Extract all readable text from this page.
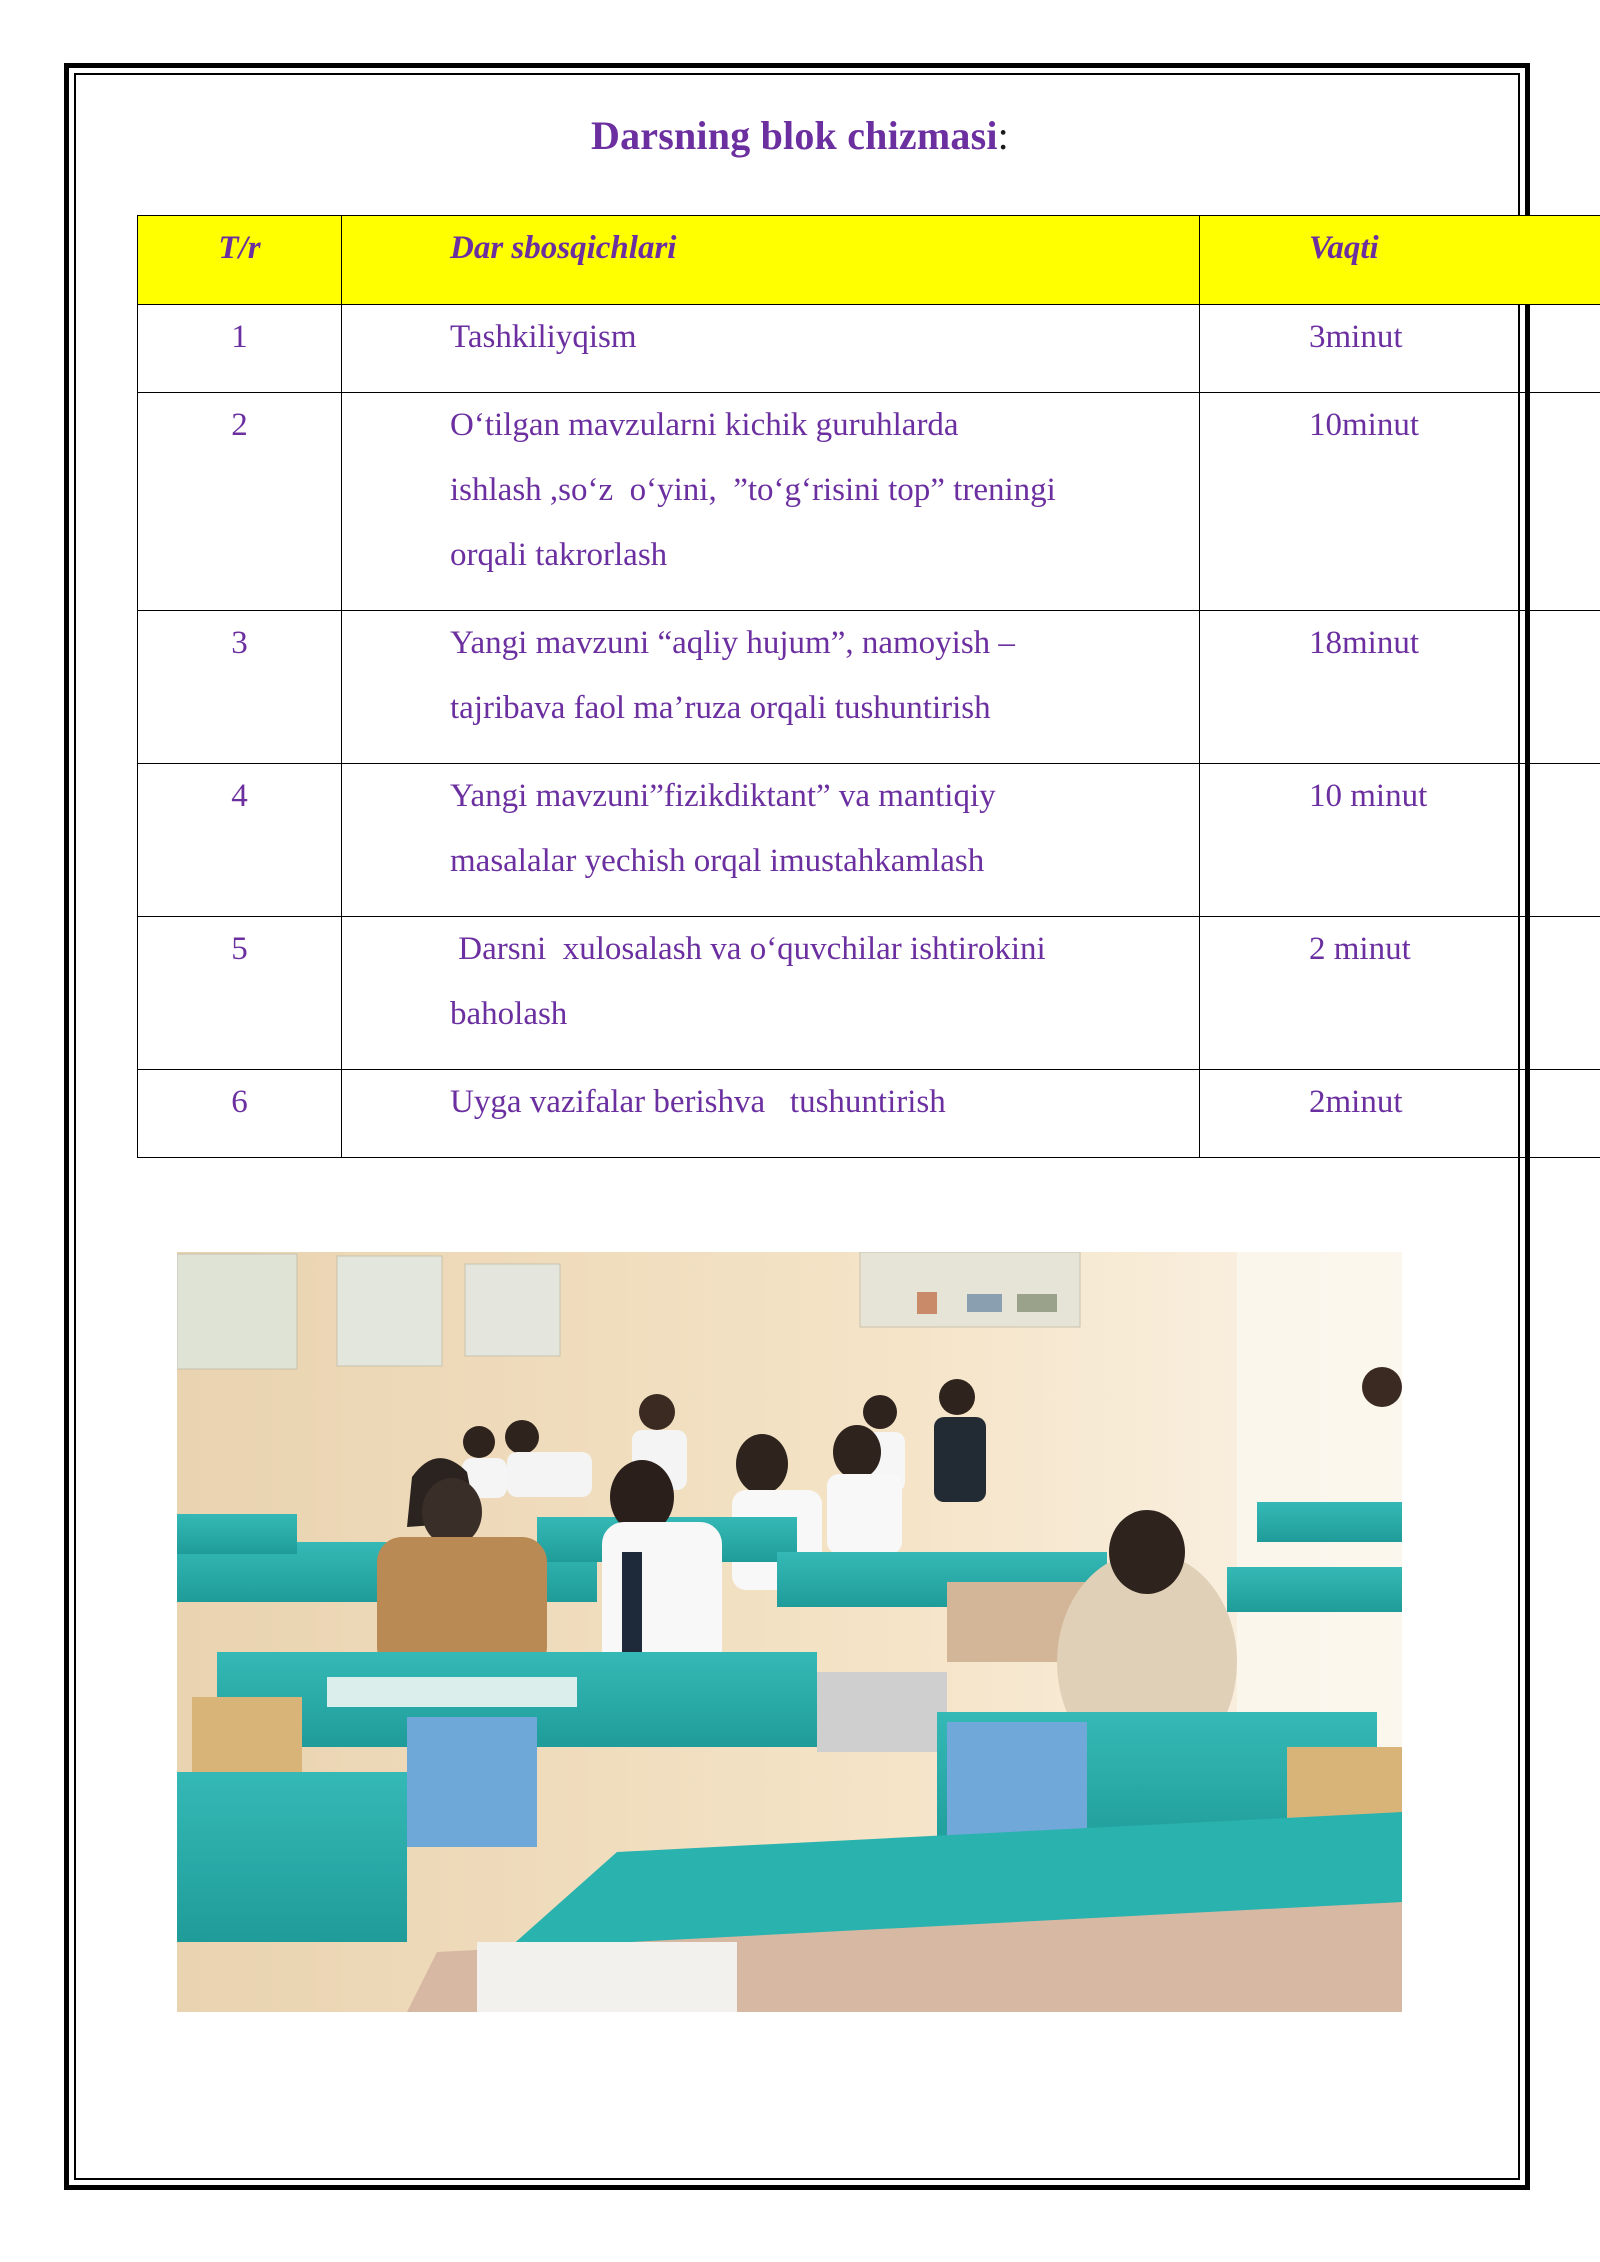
Darsning blok chizmasi:
T/r	Dar sbosqichlari	Vaqti
1	Tashkiliyqism	3minut
2	O‘tilgan mavzularni kichik guruhlarda
ishlash ,so‘z  o‘yini,  ”to‘g‘risini top” treningi
orqali takrorlash	10minut
3	Yangi mavzuni “aqliy hujum”, namoyish –
tajribava faol ma’ruza orqali tushuntirish	18minut
4	Yangi mavzuni”fizikdiktant” va mantiqiy
masalalar yechish orqal imustahkamlash	10 minut
5	Darsni  xulosalash va o‘quvchilar ishtirokini
baholash	2 minut
6	Uyga vazifalar berishva   tushuntirish	2minut
